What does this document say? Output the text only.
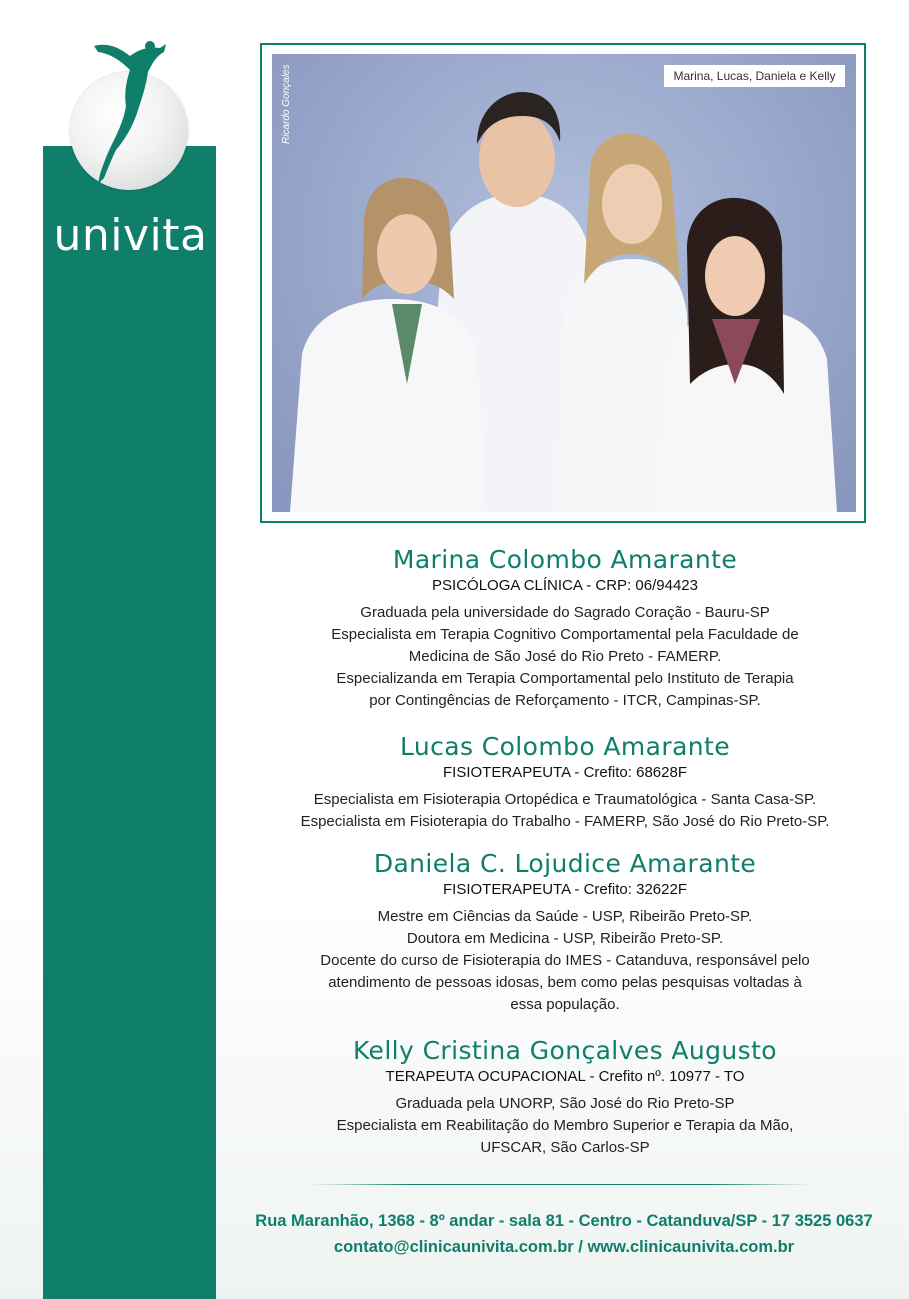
univita
Ricardo Gonçales	Marina, Lucas, Daniela e Kelly
Marina Colombo Amarante
PSICÓLOGA CLÍNICA - CRP: 06/94423
Graduada pela universidade do Sagrado Coração - Bauru-SP
Especialista em Terapia Cognitivo Comportamental pela Faculdade de
Medicina de São José do Rio Preto - FAMERP.
Especializanda em Terapia Comportamental pelo Instituto de Terapia
por Contingências de Reforçamento - ITCR, Campinas-SP.
Lucas Colombo Amarante
FISIOTERAPEUTA - Crefito: 68628F
Especialista em Fisioterapia Ortopédica e Traumatológica - Santa Casa-SP.
Especialista em Fisioterapia do Trabalho - FAMERP, São José do Rio Preto-SP.
Daniela C. Lojudice Amarante
FISIOTERAPEUTA - Crefito: 32622F
Mestre em Ciências da Saúde - USP, Ribeirão Preto-SP.
Doutora em Medicina - USP, Ribeirão Preto-SP.
Docente do curso de Fisioterapia do IMES - Catanduva, responsável pelo
atendimento de pessoas idosas, bem como pelas pesquisas voltadas à
essa população.
Kelly Cristina Gonçalves Augusto
TERAPEUTA OCUPACIONAL - Crefito nº. 10977 - TO
Graduada pela UNORP, São José do Rio Preto-SP
Especialista em Reabilitação do Membro Superior e Terapia da Mão,
UFSCAR, São Carlos-SP
Rua Maranhão, 1368 - 8º andar - sala 81 - Centro - Catanduva/SP - 17 3525 0637
contato@clinicaunivita.com.br / www.clinicaunivita.com.br
